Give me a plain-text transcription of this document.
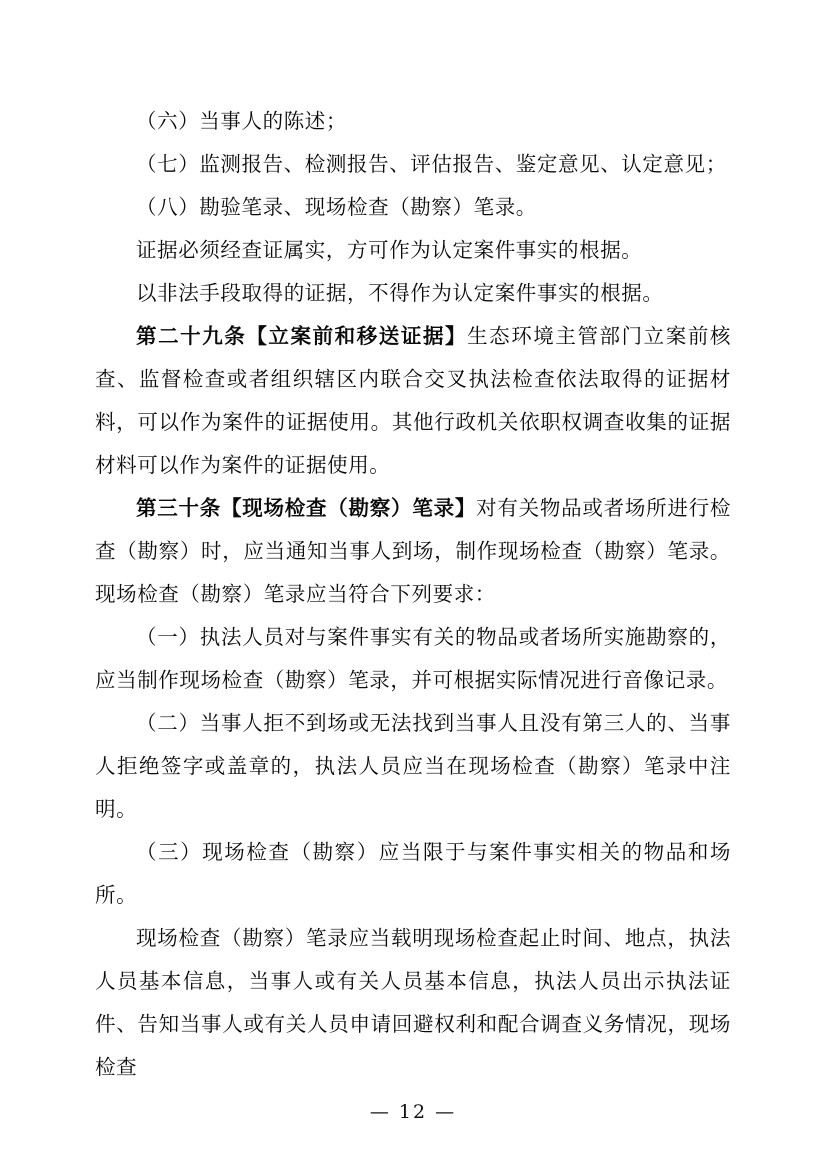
（六）当事人的陈述；

（七）监测报告、检测报告、评估报告、鉴定意见、认定意见；

（八）勘验笔录、现场检查（勘察）笔录。

证据必须经查证属实，方可作为认定案件事实的根据。

以非法手段取得的证据，不得作为认定案件事实的根据。

第二十九条【立案前和移送证据】生态环境主管部门立案前核查、监督检查或者组织辖区内联合交叉执法检查依法取得的证据材料，可以作为案件的证据使用。其他行政机关依职权调查收集的证据材料可以作为案件的证据使用。

第三十条【现场检查（勘察）笔录】对有关物品或者场所进行检查（勘察）时，应当通知当事人到场，制作现场检查（勘察）笔录。现场检查（勘察）笔录应当符合下列要求：

（一）执法人员对与案件事实有关的物品或者场所实施勘察的，应当制作现场检查（勘察）笔录，并可根据实际情况进行音像记录。

（二）当事人拒不到场或无法找到当事人且没有第三人的、当事人拒绝签字或盖章的，执法人员应当在现场检查（勘察）笔录中注明。

（三）现场检查（勘察）应当限于与案件事实相关的物品和场所。

现场检查（勘察）笔录应当载明现场检查起止时间、地点，执法人员基本信息，当事人或有关人员基本信息，执法人员出示执法证件、告知当事人或有关人员申请回避权利和配合调查义务情况，现场检查

— 12 —
